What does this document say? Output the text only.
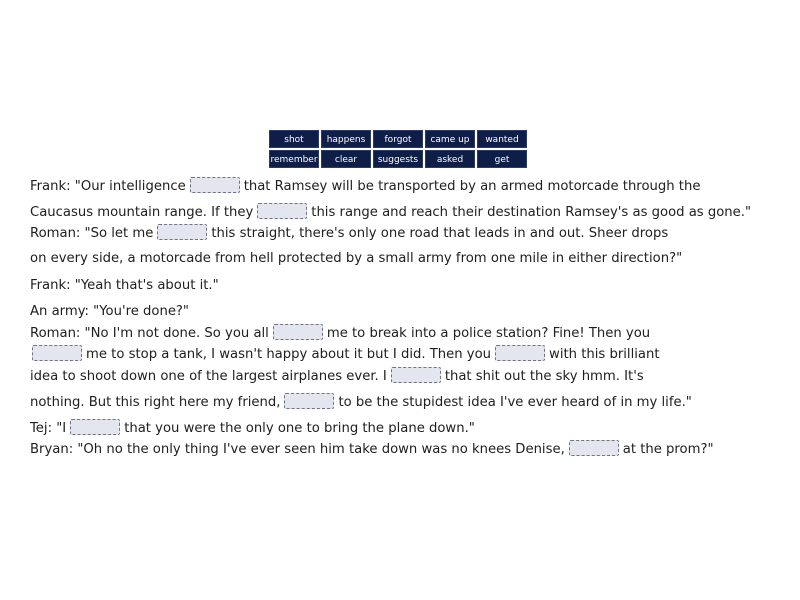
shot	happens	forgot	came up	wanted
remember	clear	suggests	asked	get
Frank: "Our intelligence	that Ramsey will be transported by an armed motorcade through the
Caucasus mountain range. If they	this range and reach their destination Ramsey's as good as gone."
Roman: "So let me	this straight, there's only one road that leads in and out. Sheer drops
on every side, a motorcade from hell protected by a small army from one mile in either direction?"
Frank: "Yeah that's about it."
An army: "You're done?"
Roman: "No I'm not done. So you all	me to break into a police station? Fine! Then you
me to stop a tank, I wasn't happy about it but I did. Then you	with this brilliant
idea to shoot down one of the largest airplanes ever. I	that shit out the sky hmm. It's
nothing. But this right here my friend,	to be the stupidest idea I've ever heard of in my life."
Tej: "I	that you were the only one to bring the plane down."
Bryan: "Oh no the only thing I've ever seen him take down was no knees Denise,	at the prom?"
